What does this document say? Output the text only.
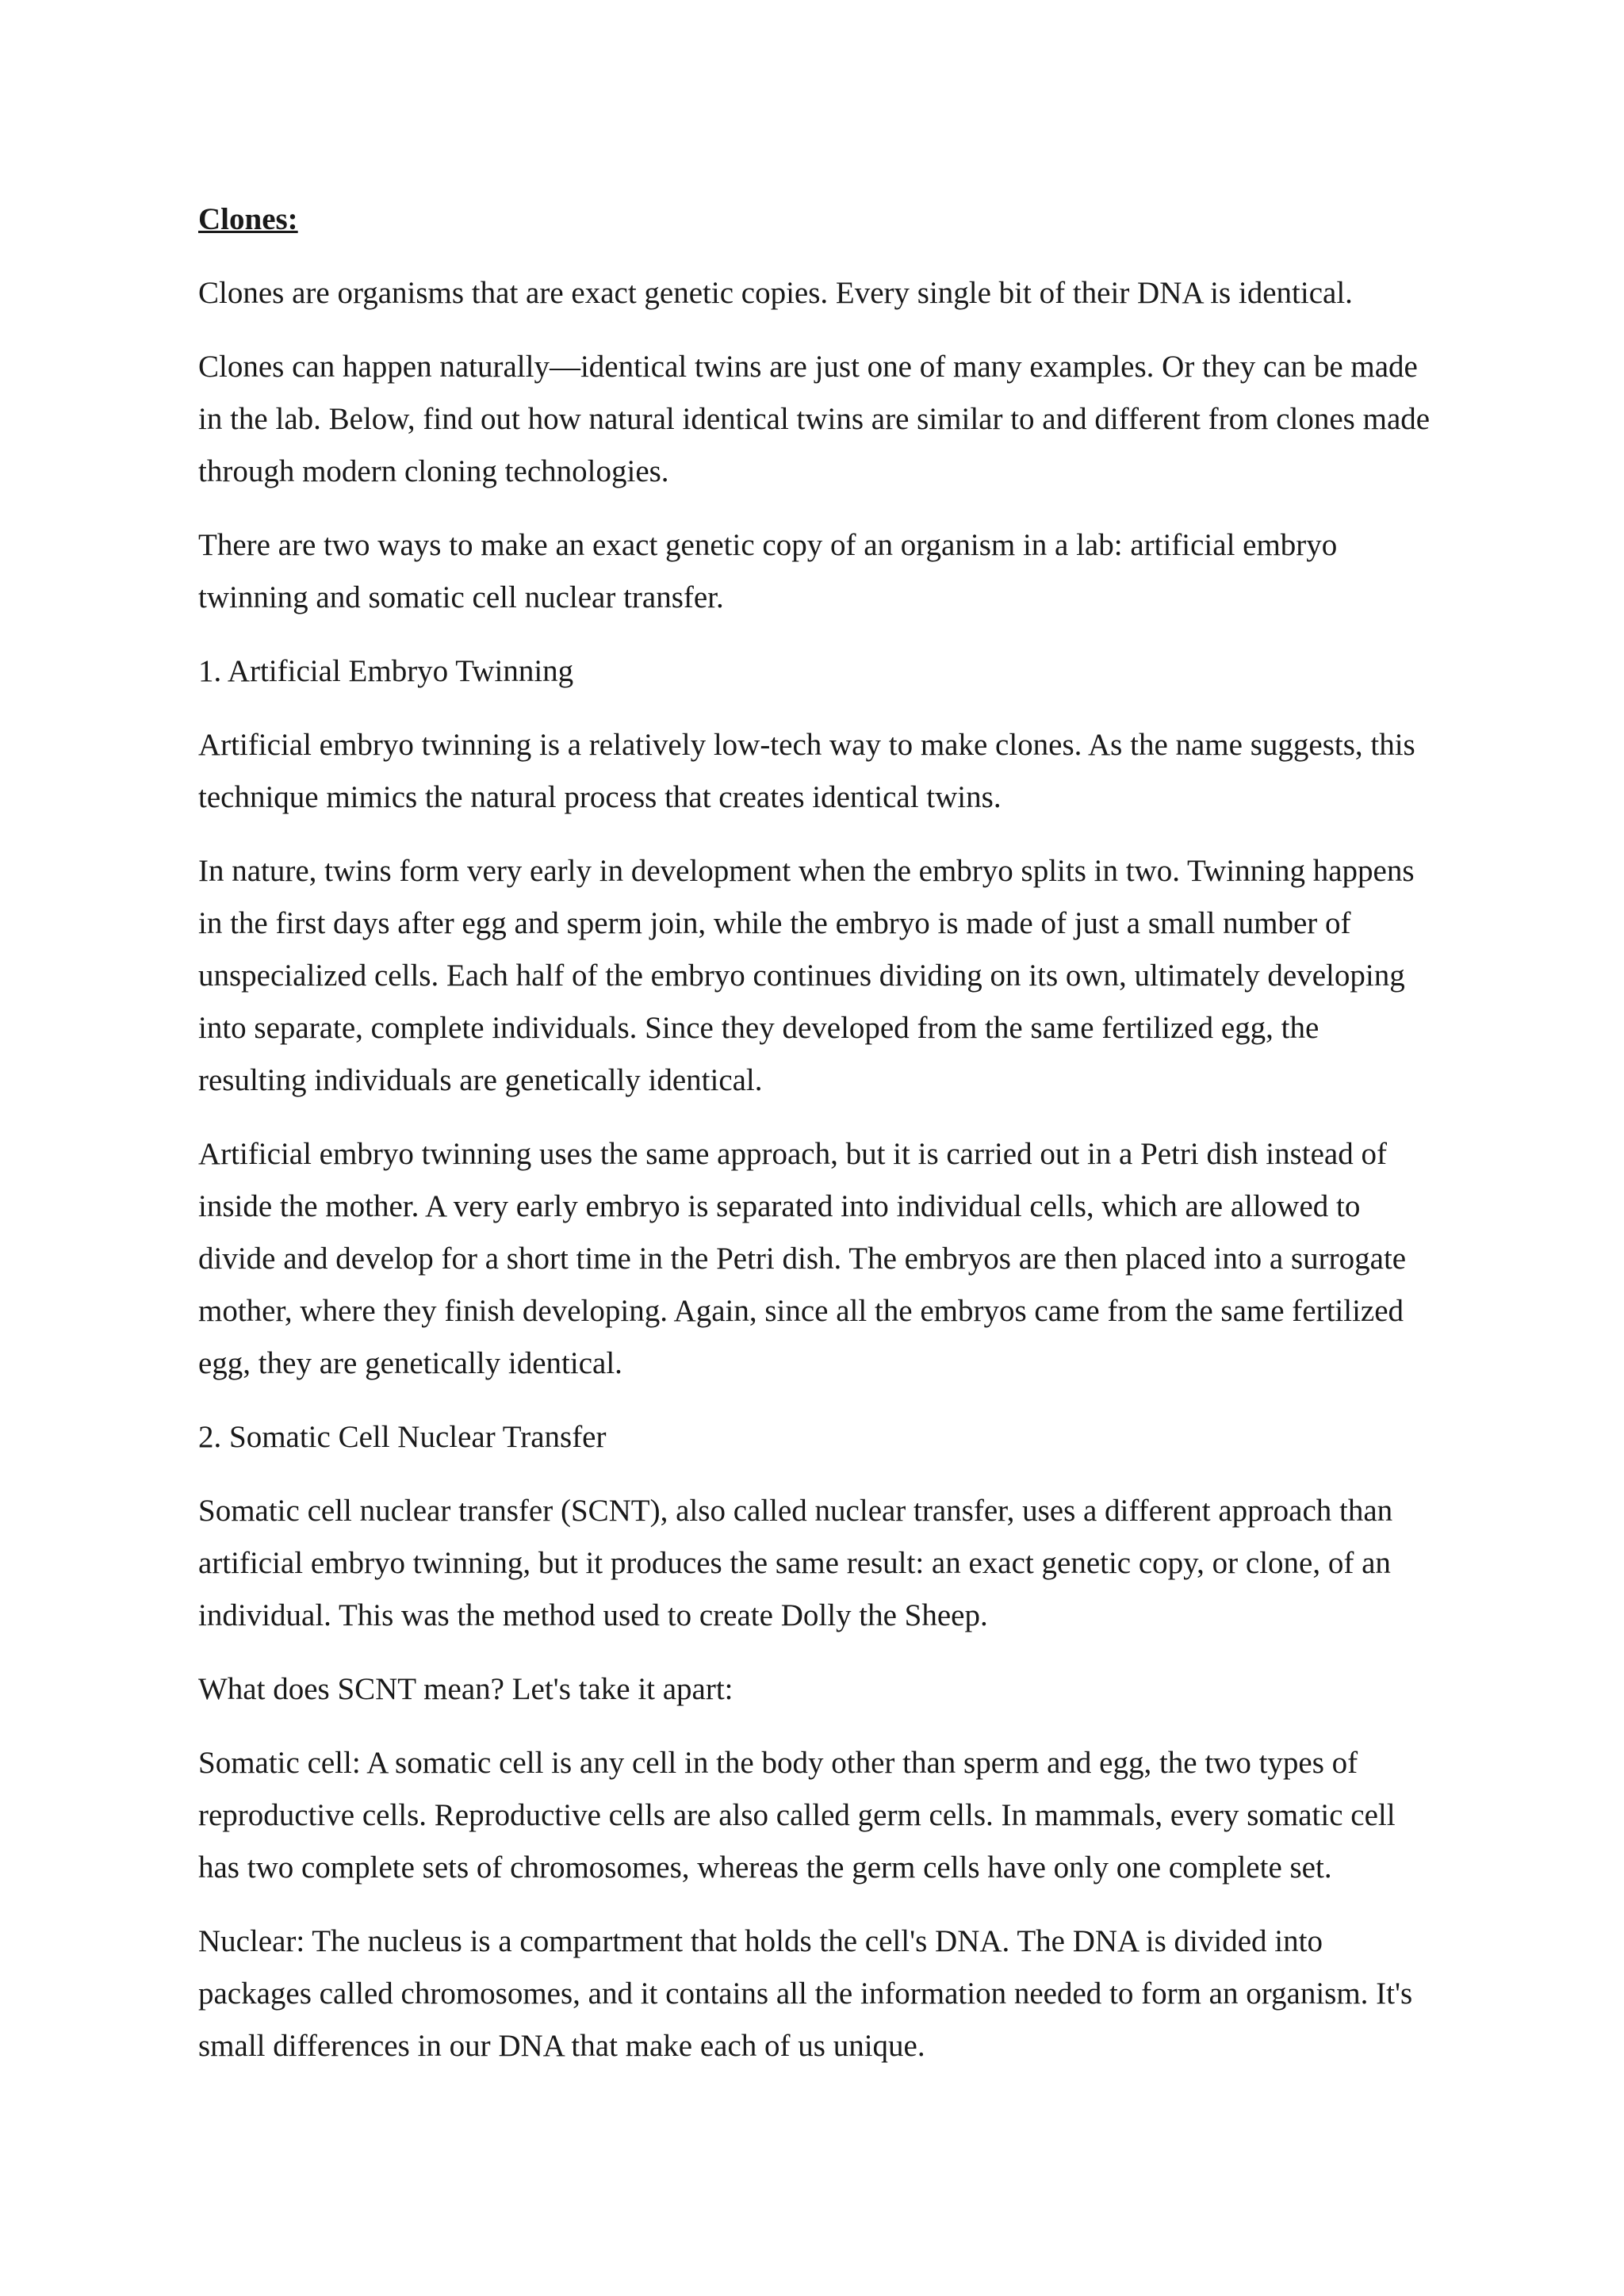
Clones:
Clones are organisms that are exact genetic copies. Every single bit of their DNA is identical.
Clones can happen naturally—identical twins are just one of many examples. Or they can be made in the lab. Below, find out how natural identical twins are similar to and different from clones made through modern cloning technologies.
There are two ways to make an exact genetic copy of an organism in a lab: artificial embryo twinning and somatic cell nuclear transfer.
1. Artificial Embryo Twinning
Artificial embryo twinning is a relatively low-tech way to make clones. As the name suggests, this technique mimics the natural process that creates identical twins.
In nature, twins form very early in development when the embryo splits in two. Twinning happens in the first days after egg and sperm join, while the embryo is made of just a small number of unspecialized cells. Each half of the embryo continues dividing on its own, ultimately developing into separate, complete individuals. Since they developed from the same fertilized egg, the resulting individuals are genetically identical.
Artificial embryo twinning uses the same approach, but it is carried out in a Petri dish instead of inside the mother. A very early embryo is separated into individual cells, which are allowed to divide and develop for a short time in the Petri dish. The embryos are then placed into a surrogate mother, where they finish developing. Again, since all the embryos came from the same fertilized egg, they are genetically identical.
2. Somatic Cell Nuclear Transfer
Somatic cell nuclear transfer (SCNT), also called nuclear transfer, uses a different approach than artificial embryo twinning, but it produces the same result: an exact genetic copy, or clone, of an individual. This was the method used to create Dolly the Sheep.
What does SCNT mean? Let's take it apart:
Somatic cell: A somatic cell is any cell in the body other than sperm and egg, the two types of reproductive cells. Reproductive cells are also called germ cells. In mammals, every somatic cell has two complete sets of chromosomes, whereas the germ cells have only one complete set.
Nuclear: The nucleus is a compartment that holds the cell's DNA. The DNA is divided into packages called chromosomes, and it contains all the information needed to form an organism. It's small differences in our DNA that make each of us unique.
